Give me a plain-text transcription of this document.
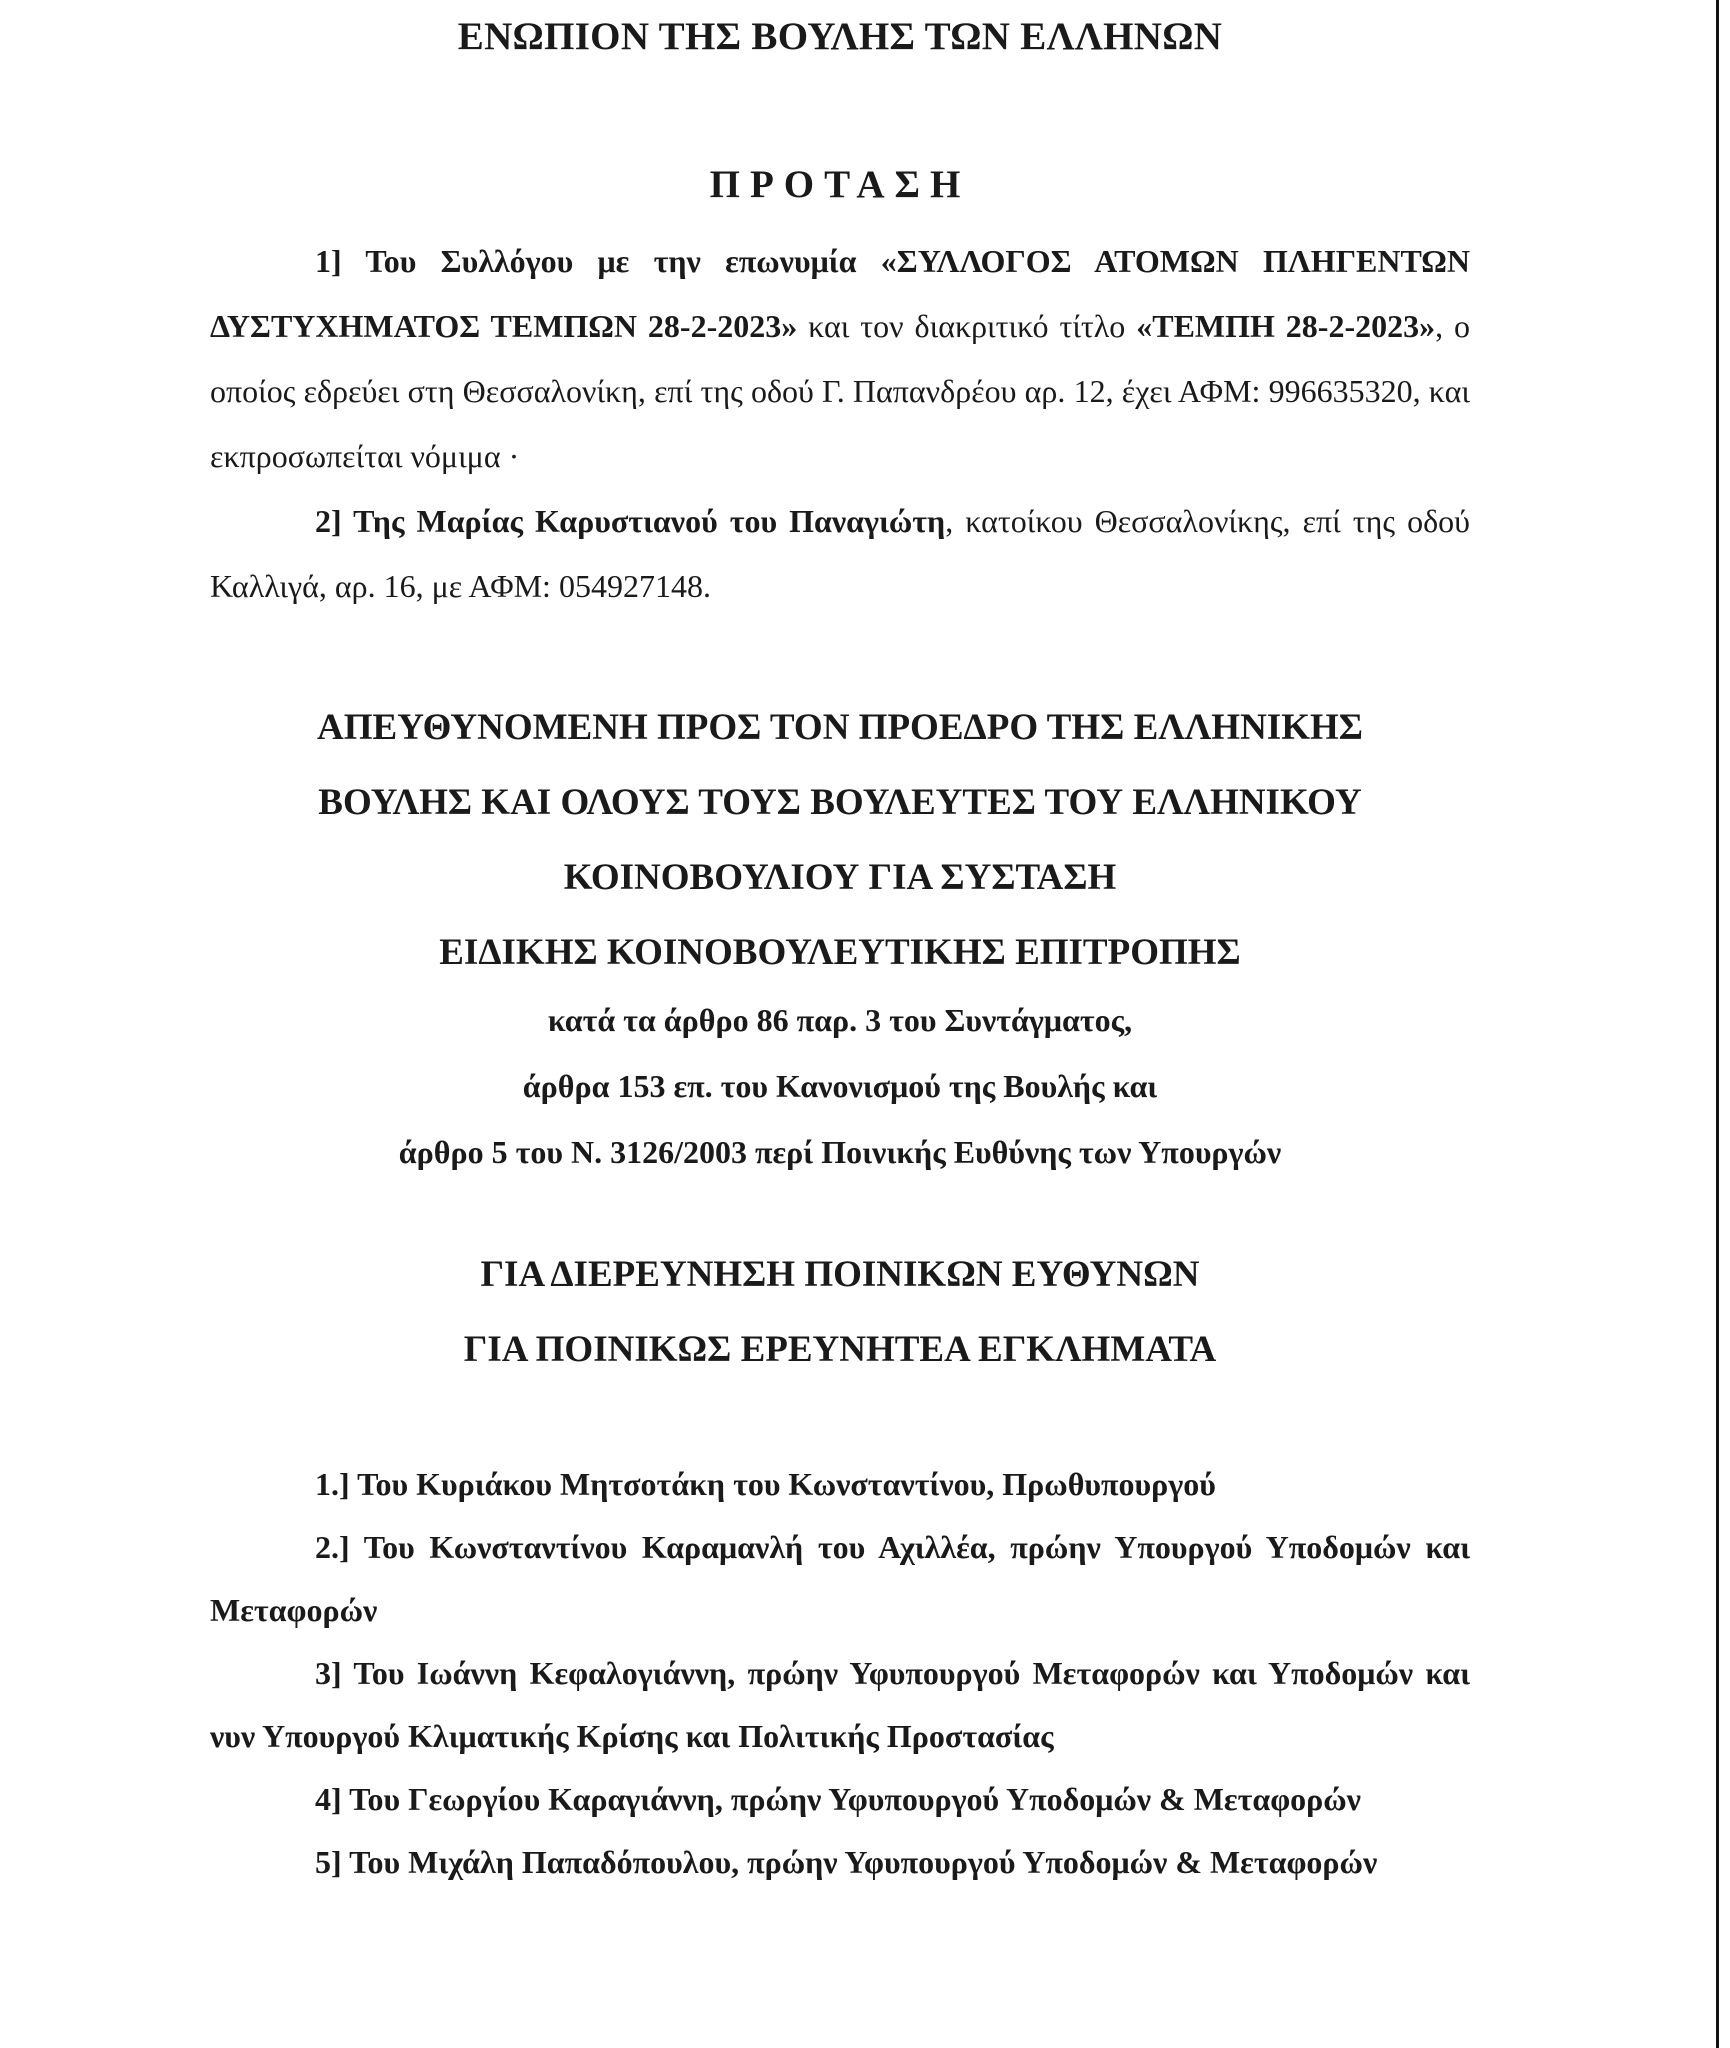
ΕΝΩΠΙΟΝ ΤΗΣ ΒΟΥΛΗΣ ΤΩΝ ΕΛΛΗΝΩΝ
ΠΡΟΤΑΣΗ

1] Του Συλλόγου με την επωνυμία «ΣΥΛΛΟΓΟΣ ΑΤΟΜΩΝ ΠΛΗΓΕΝΤΩΝ ΔΥΣΤΥΧΗΜΑΤΟΣ ΤΕΜΠΩΝ 28-2-2023» και τον διακριτικό τίτλο «ΤΕΜΠΗ 28-2-2023», ο οποίος εδρεύει στη Θεσσαλονίκη, επί της οδού Γ. Παπανδρέου αρ. 12, έχει ΑΦΜ: 996635320, και εκπροσωπείται νόμιμα ·

2] Της Μαρίας Καρυστιανού του Παναγιώτη, κατοίκου Θεσσαλονίκης, επί της οδού Καλλιγά, αρ. 16, με ΑΦΜ: 054927148.

ΑΠΕΥΘΥΝΟΜΕΝΗ ΠΡΟΣ ΤΟΝ ΠΡΟΕΔΡΟ ΤΗΣ ΕΛΛΗΝΙΚΗΣ
ΒΟΥΛΗΣ ΚΑΙ ΟΛΟΥΣ ΤΟΥΣ ΒΟΥΛΕΥΤΕΣ ΤΟΥ ΕΛΛΗΝΙΚΟΥ
ΚΟΙΝΟΒΟΥΛΙΟΥ ΓΙΑ ΣΥΣΤΑΣΗ
ΕΙΔΙΚΗΣ ΚΟΙΝΟΒΟΥΛΕΥΤΙΚΗΣ ΕΠΙΤΡΟΠΗΣ
κατά τα άρθρο 86 παρ. 3 του Συντάγματος,
άρθρα 153 επ. του Κανονισμού της Βουλής και
άρθρο 5 του Ν. 3126/2003 περί Ποινικής Ευθύνης των Υπουργών
ΓΙΑ ΔΙΕΡΕΥΝΗΣΗ ΠΟΙΝΙΚΩΝ ΕΥΘΥΝΩΝ
ΓΙΑ ΠΟΙΝΙΚΩΣ ΕΡΕΥΝΗΤΕΑ ΕΓΚΛΗΜΑΤΑ

1.] Του Κυριάκου Μητσοτάκη του Κωνσταντίνου, Πρωθυπουργού

2.] Του Κωνσταντίνου Καραμανλή του Αχιλλέα, πρώην Υπουργού Υποδομών και Μεταφορών

3] Του Ιωάννη Κεφαλογιάννη, πρώην Υφυπουργού Μεταφορών και Υποδομών και νυν Υπουργού Κλιματικής Κρίσης και Πολιτικής Προστασίας

4] Του Γεωργίου Καραγιάννη, πρώην Υφυπουργού Υποδομών & Μεταφορών

5] Του Μιχάλη Παπαδόπουλου, πρώην Υφυπουργού Υποδομών & Μεταφορών
